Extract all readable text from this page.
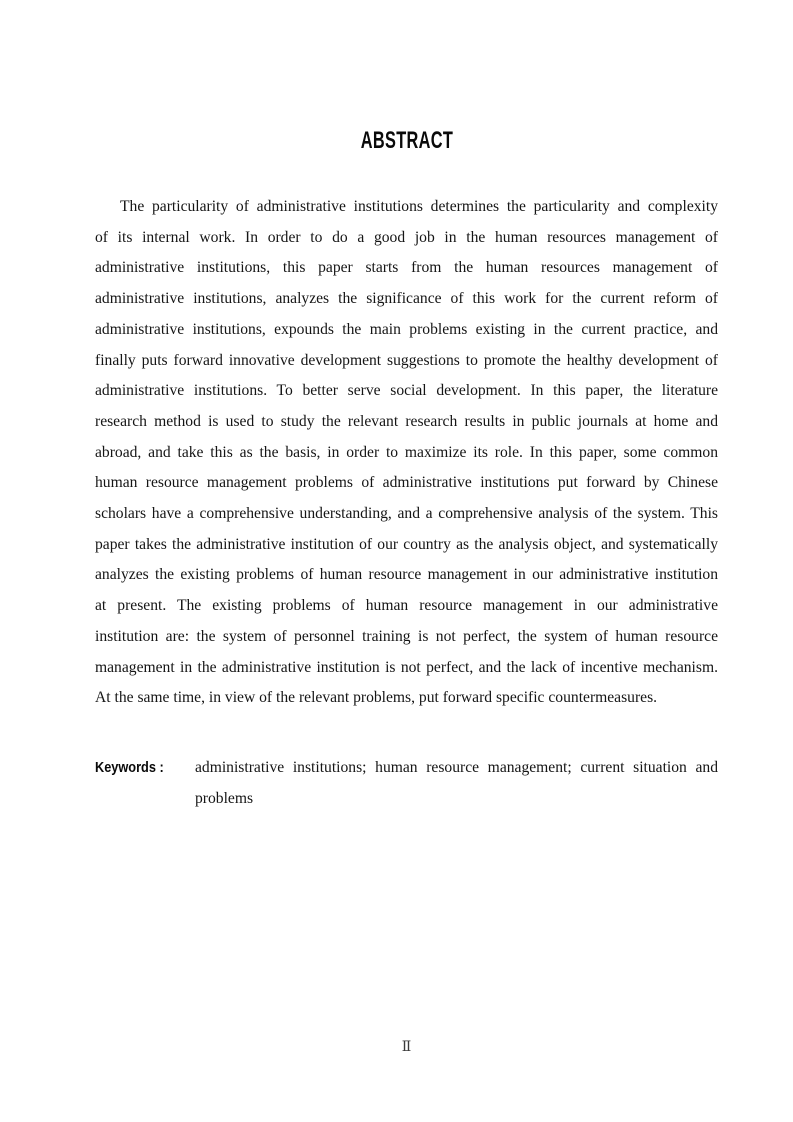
ABSTRACT
The particularity of administrative institutions determines the particularity and complexity
of its internal work. In order to do a good job in the human resources management of
administrative institutions, this paper starts from the human resources management of
administrative institutions, analyzes the significance of this work for the current reform of
administrative institutions, expounds the main problems existing in the current practice, and
finally puts forward innovative development suggestions to promote the healthy development of
administrative institutions. To better serve social development. In this paper, the literature
research method is used to study the relevant research results in public journals at home and
abroad, and take this as the basis, in order to maximize its role. In this paper, some common
human resource management problems of administrative institutions put forward by Chinese
scholars have a comprehensive understanding, and a comprehensive analysis of the system. This
paper takes the administrative institution of our country as the analysis object, and systematically
analyzes the existing problems of human resource management in our administrative institution
at present. The existing problems of human resource management in our administrative
institution are: the system of personnel training is not perfect, the system of human resource
management in the administrative institution is not perfect, and the lack of incentive mechanism.
At the same time, in view of the relevant problems, put forward specific countermeasures.
Keywords :	administrative institutions; human resource management; current situation and
problems
Ⅱ
